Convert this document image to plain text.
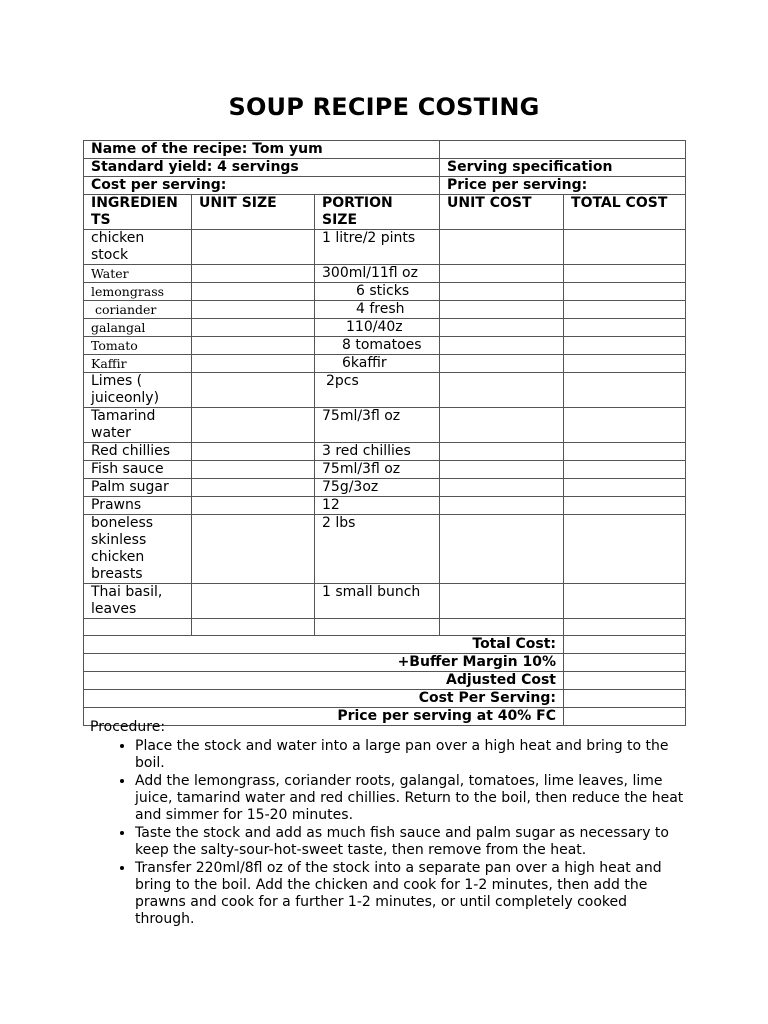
SOUP RECIPE COSTING
Name of the recipe: Tom yum				
Standard yield: 4 servings			Serving specification	
Cost per serving:			Price per serving:	
INGREDIEN TS	UNIT SIZE	PORTION SIZE	UNIT COST	TOTAL COST
chicken stock		1 litre/2 pints		
Water		300ml/11fl oz		
lemongrass		6 sticks		
coriander		4 fresh		
galangal		110/40z		
Tomato		8 tomatoes		
Kaffir		6kaffir		
Limes ( juiceonly)		2pcs		
Tamarind water		75ml/3fl oz		
Red chillies		3 red chillies		
Fish sauce		75ml/3fl oz		
Palm sugar		75g/3oz		
Prawns		12		
boneless skinless chicken breasts		2 lbs		
Thai basil, leaves		1 small bunch		

Total Cost:				
+Buffer Margin 10%				
Adjusted Cost				
Cost Per Serving:				
Price per serving at 40% FC				
Procedure:
• Place the stock and water into a large pan over a high heat and bring to the boil.
• Add the lemongrass, coriander roots, galangal, tomatoes, lime leaves, lime juice, tamarind water and red chillies. Return to the boil, then reduce the heat and simmer for 15-20 minutes.
• Taste the stock and add as much fish sauce and palm sugar as necessary to keep the salty-sour-hot-sweet taste, then remove from the heat.
• Transfer 220ml/8fl oz of the stock into a separate pan over a high heat and bring to the boil. Add the chicken and cook for 1-2 minutes, then add the prawns and cook for a further 1-2 minutes, or until completely cooked through.
